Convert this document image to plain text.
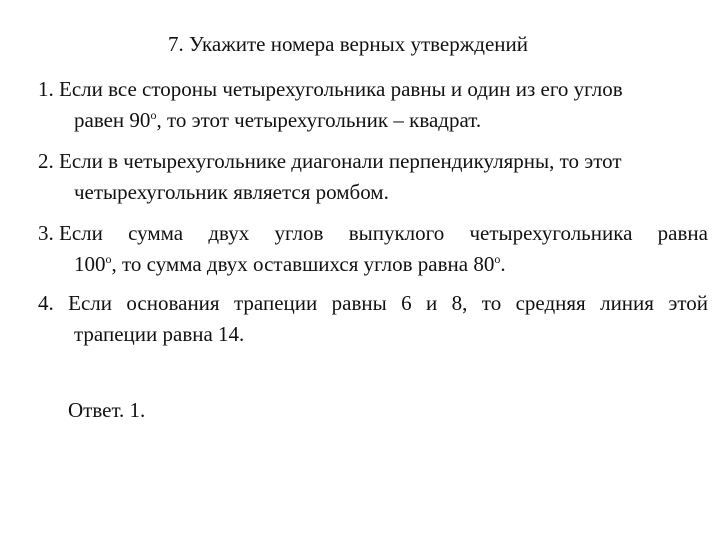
7. Укажите номера верных утверждений
1. Если все стороны четырехугольника равны и один из его углов
равен $90^о$, то этот четырехугольник – квадрат.
2. Если в четырехугольнике диагонали перпендикулярны, то этот
четырехугольник является ромбом.
3. Если сумма двух углов выпуклого четырехугольника равна
$100^о$, то сумма двух оставшихся углов равна $80^о$.
4. Если основания трапеции равны 6 и 8, то средняя линия этой
трапеции равна 14.
Ответ. 1.
